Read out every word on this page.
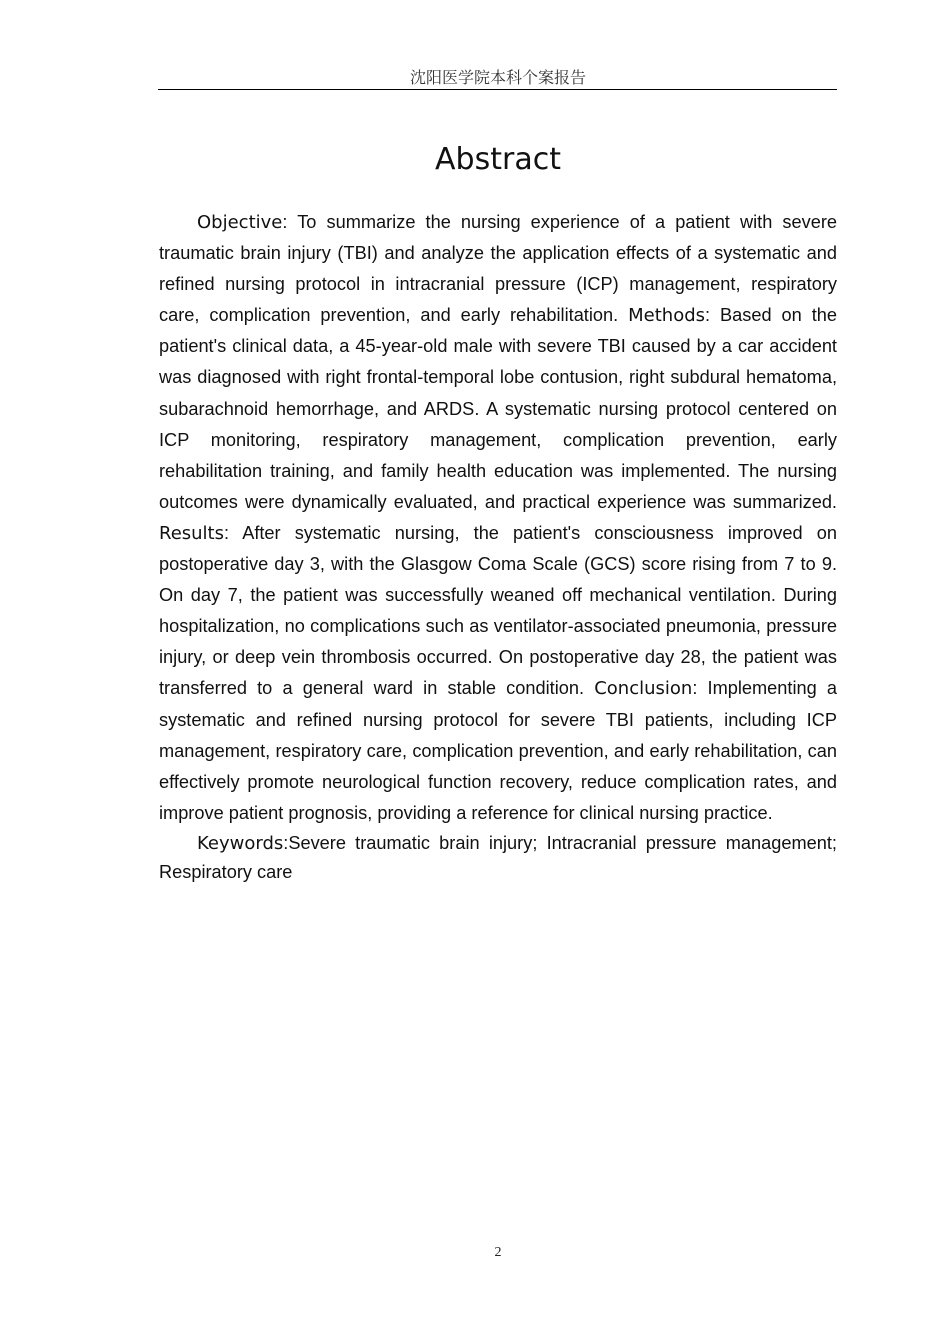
沈阳医学院本科个案报告
Abstract

Objective: To summarize the nursing experience of a patient with severe traumatic brain injury (TBI) and analyze the application effects of a systematic and refined nursing protocol in intracranial pressure (ICP) management, respiratory care, complication prevention, and early rehabilitation. Methods: Based on the patient's clinical data, a 45-year-old male with severe TBI caused by a car accident was diagnosed with right frontal-temporal lobe contusion, right subdural hematoma, subarachnoid hemorrhage, and ARDS. A systematic nursing protocol centered on ICP monitoring, respiratory management, complication prevention, early rehabilitation training, and family health education was implemented. The nursing outcomes were dynamically evaluated, and practical experience was summarized. Results: After systematic nursing, the patient's consciousness improved on postoperative day 3, with the Glasgow Coma Scale (GCS) score rising from 7 to 9. On day 7, the patient was successfully weaned off mechanical ventilation. During hospitalization, no complications such as ventilator-associated pneumonia, pressure injury, or deep vein thrombosis occurred. On postoperative day 28, the patient was transferred to a general ward in stable condition. Conclusion: Implementing a systematic and refined nursing protocol for severe TBI patients, including ICP management, respiratory care, complication prevention, and early rehabilitation, can effectively promote neurological function recovery, reduce complication rates, and improve patient prognosis, providing a reference for clinical nursing practice.

Keywords:Severe traumatic brain injury; Intracranial pressure management; Respiratory care

2
